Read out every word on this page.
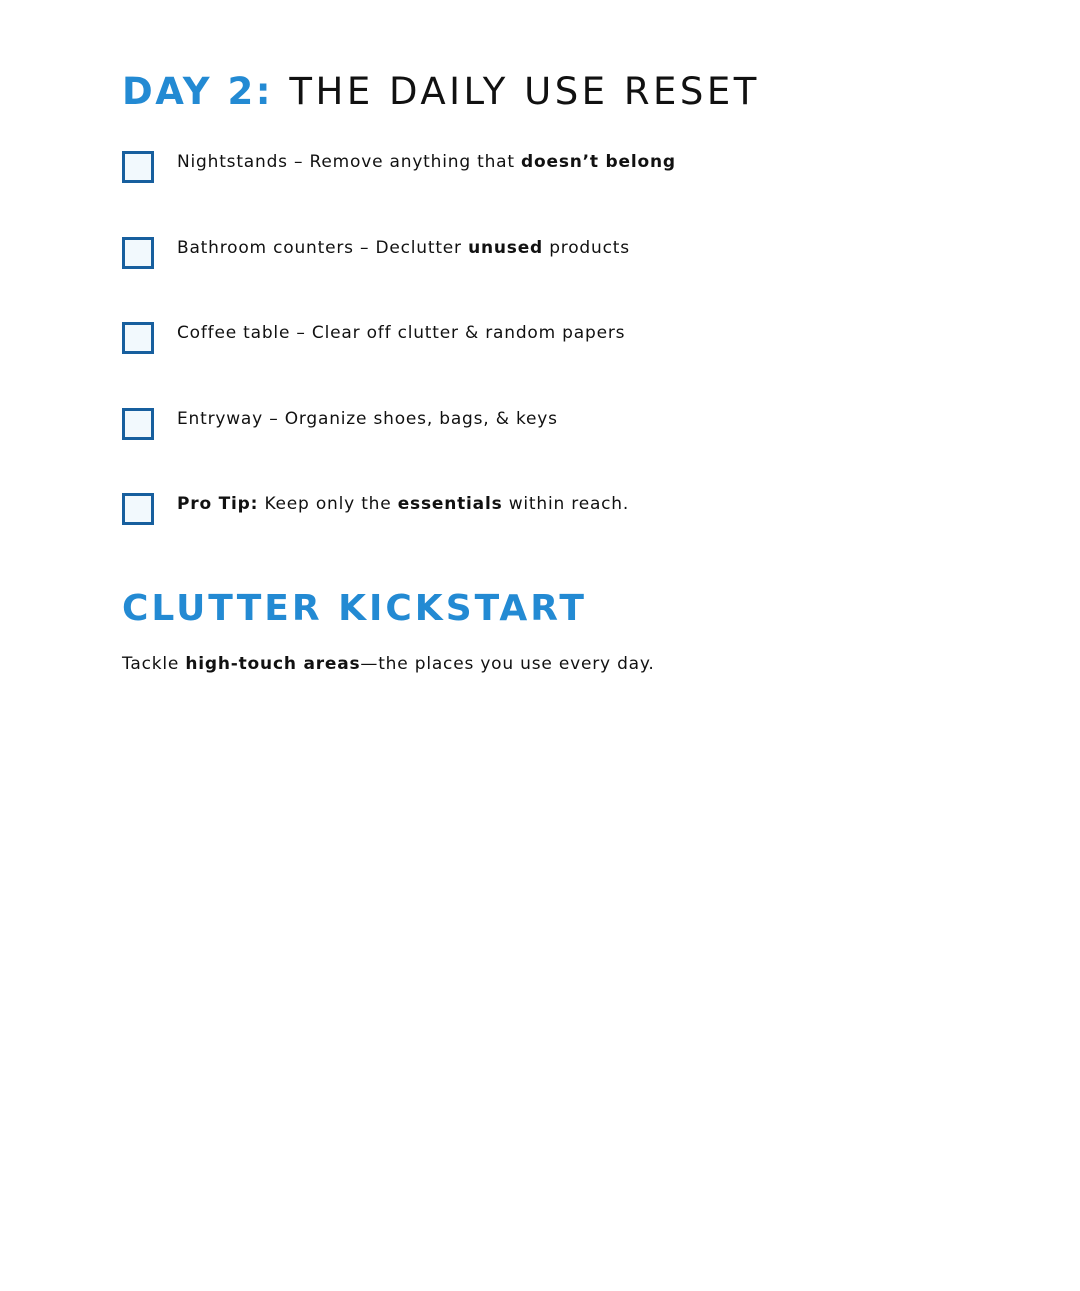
DAY 2: THE DAILY USE RESET
Nightstands – Remove anything that doesn’t belong
Bathroom counters – Declutter unused products
Coffee table – Clear off clutter & random papers
Entryway – Organize shoes, bags, & keys
Pro Tip: Keep only the essentials within reach.
CLUTTER KICKSTART

Tackle high-touch areas—the places you use every day.
